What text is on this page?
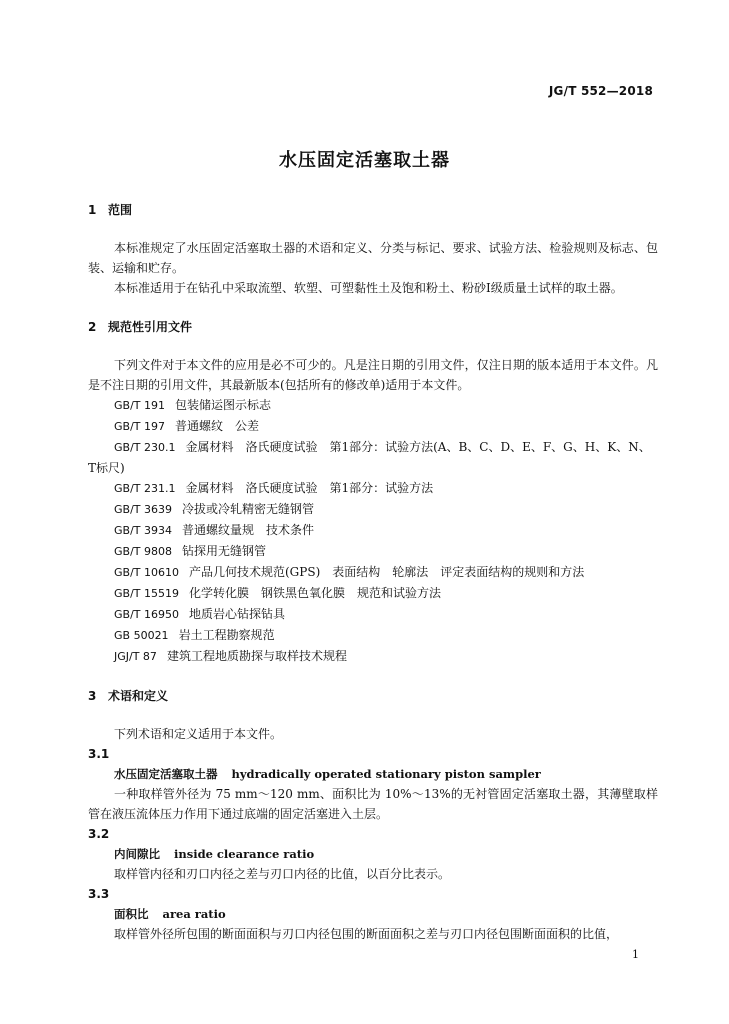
JG/T 552—2018
水压固定活塞取土器
1 范围

本标准规定了水压固定活塞取土器的术语和定义、分类与标记、要求、试验方法、检验规则及标志、包装、运输和贮存。

本标准适用于在钻孔中采取流塑、软塑、可塑黏性土及饱和粉土、粉砂Ⅰ级质量土试样的取土器。

2 规范性引用文件

下列文件对于本文件的应用是必不可少的。凡是注日期的引用文件，仅注日期的版本适用于本文件。凡是不注日期的引用文件，其最新版本(包括所有的修改单)适用于本文件。

GB/T 191 包装储运图示标志
GB/T 197 普通螺纹　公差
GB/T 230.1 金属材料　洛氏硬度试验　第1部分：试验方法(A、B、C、D、E、F、G、H、K、N、T标尺)
GB/T 231.1 金属材料　洛氏硬度试验　第1部分：试验方法
GB/T 3639 冷拔或冷轧精密无缝钢管
GB/T 3934 普通螺纹量规　技术条件
GB/T 9808 钻探用无缝钢管
GB/T 10610 产品几何技术规范(GPS)　表面结构　轮廓法　评定表面结构的规则和方法
GB/T 15519 化学转化膜　钢铁黑色氧化膜　规范和试验方法
GB/T 16950 地质岩心钻探钻具
GB 50021 岩土工程勘察规范
JGJ/T 87 建筑工程地质勘探与取样技术规程
3 术语和定义

下列术语和定义适用于本文件。

3.1

水压固定活塞取土器 hydradically operated stationary piston sampler

一种取样管外径为 75 mm～120 mm、面积比为 10%～13%的无衬管固定活塞取土器，其薄壁取样管在液压流体压力作用下通过底端的固定活塞进入土层。

3.2

内间隙比 inside clearance ratio

取样管内径和刃口内径之差与刃口内径的比值，以百分比表示。

3.3

面积比 area ratio

取样管外径所包围的断面面积与刃口内径包围的断面面积之差与刃口内径包围断面面积的比值，

1
